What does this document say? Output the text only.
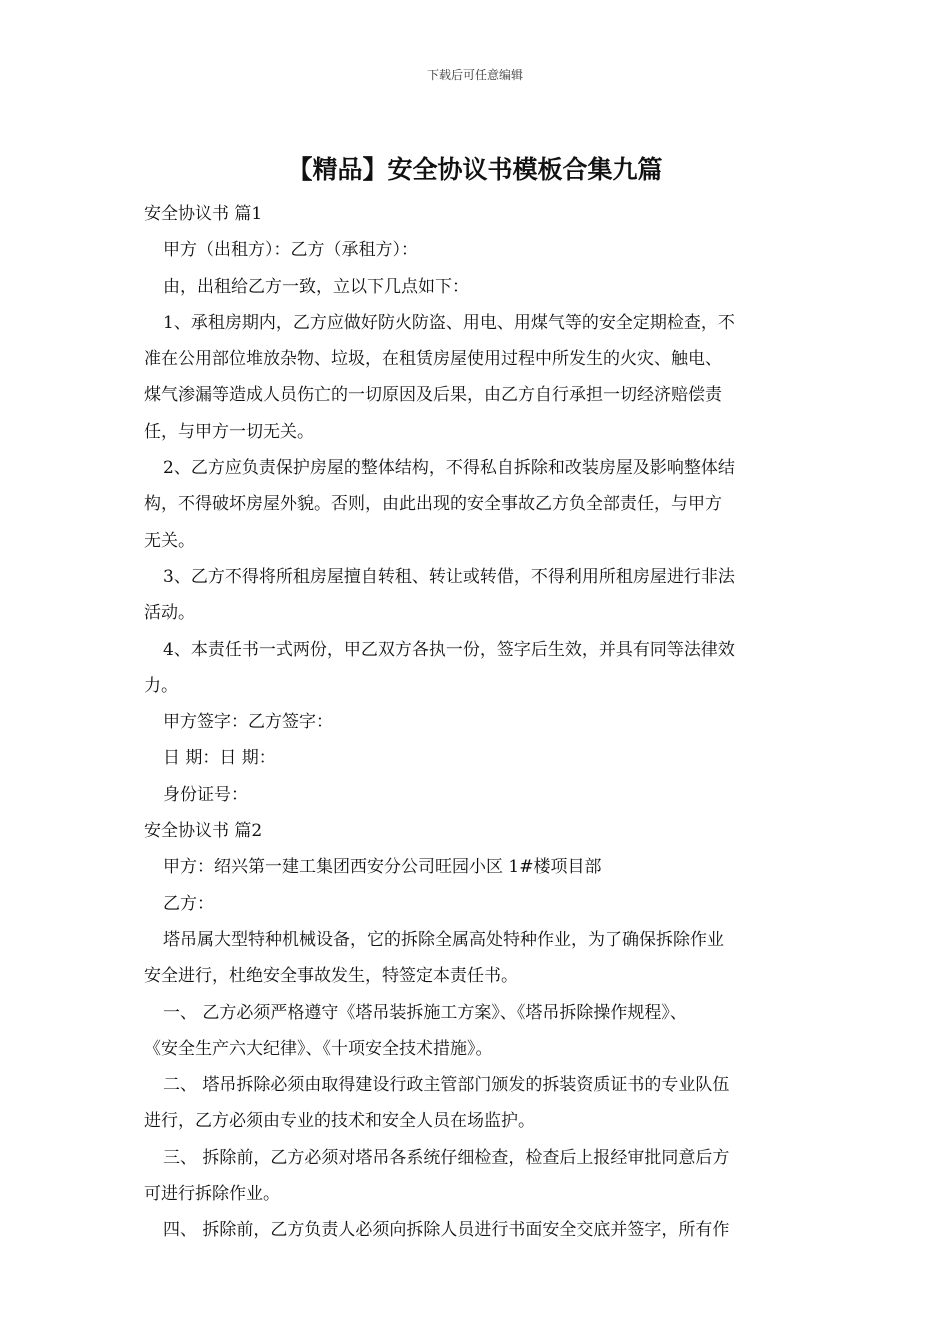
下载后可任意编辑
【精品】安全协议书模板合集九篇

安全协议书 篇1

甲方（出租方）：乙方（承租方）：

由，出租给乙方一致，立以下几点如下：

1、承租房期内，乙方应做好防火防盗、用电、用煤气等的安全定期检查，不

准在公用部位堆放杂物、垃圾，在租赁房屋使用过程中所发生的火灾、触电、

煤气渗漏等造成人员伤亡的一切原因及后果，由乙方自行承担一切经济赔偿责

任，与甲方一切无关。

2、乙方应负责保护房屋的整体结构，不得私自拆除和改装房屋及影响整体结

构，不得破坏房屋外貌。否则，由此出现的安全事故乙方负全部责任，与甲方

无关。

3、乙方不得将所租房屋擅自转租、转让或转借，不得利用所租房屋进行非法

活动。

4、本责任书一式两份，甲乙双方各执一份，签字后生效，并具有同等法律效

力。

甲方签字：乙方签字：

日 期：日 期：

身份证号：

安全协议书 篇2

甲方：绍兴第一建工集团西安分公司旺园小区 1#楼项目部

乙方：

塔吊属大型特种机械设备，它的拆除全属高处特种作业，为了确保拆除作业

安全进行，杜绝安全事故发生，特签定本责任书。

一、 乙方必须严格遵守《塔吊装拆施工方案》、《塔吊拆除操作规程》、

《安全生产六大纪律》、《十项安全技术措施》。

二、 塔吊拆除必须由取得建设行政主管部门颁发的拆装资质证书的专业队伍

进行，乙方必须由专业的技术和安全人员在场监护。

三、 拆除前，乙方必须对塔吊各系统仔细检查，检查后上报经审批同意后方

可进行拆除作业。

四、 拆除前，乙方负责人必须向拆除人员进行书面安全交底并签字，所有作
